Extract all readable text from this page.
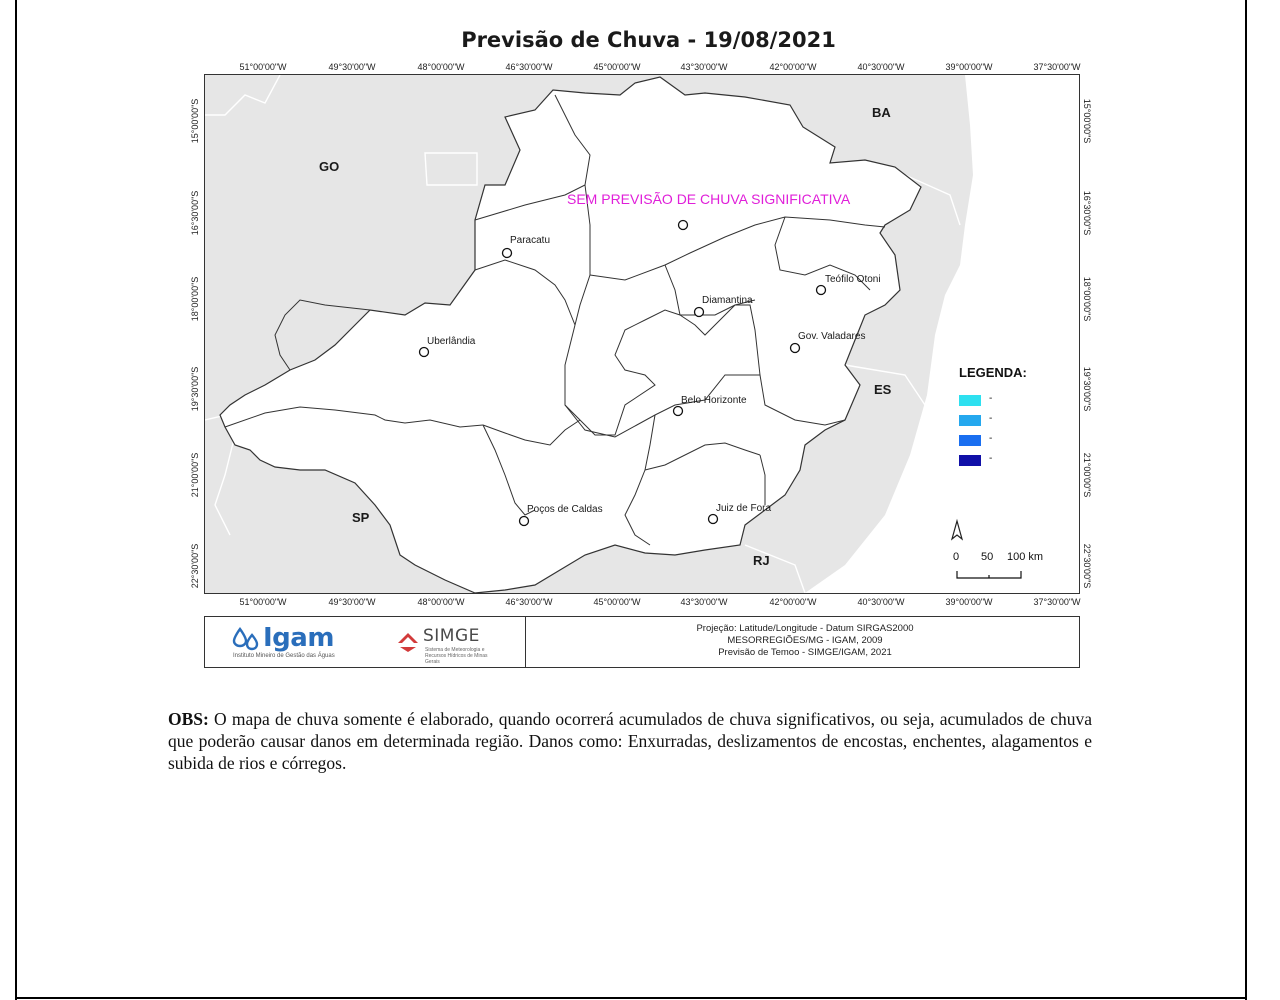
Previsão de Chuva - 19/08/2021
51°00'00"W	49°30'00"W	48°00'00"W	46°30'00"W	45°00'00"W	43°30'00"W	42°00'00"W	40°30'00"W	39°00'00"W	37°30'00"W
51°00'00"W	49°30'00"W	48°00'00"W	46°30'00"W	45°00'00"W	43°30'00"W	42°00'00"W	40°30'00"W	39°00'00"W	37°30'00"W
15°00'00"S
16°30'00"S
18°00'00"S
19°30'00"S
21°00'00"S
22°30'00"S
15°00'00"S
16°30'00"S
18°00'00"S
19°30'00"S
21°00'00"S
22°30'00"S
BA
GO
ES
SP
RJ
Paracatu
Teófilo Otoni
Diamantina
Gov. Valadares
Uberlândia
Belo Horizonte
Poços de Caldas	Juiz de Fora
SEM PREVISÃO DE CHUVA SIGNIFICATIVA
LEGENDA:
-
-
-
-
0 50 100 km
Igam
Instituto Mineiro de Gestão das Águas
SIMGE
Sistema de Meteorologia e Recursos Hídricos de Minas Gerais
Projeção: Latitude/Longitude - Datum SIRGAS2000
MESORREGIÕES/MG - IGAM, 2009
Previsão de Temoo - SIMGE/IGAM, 2021
OBS: O mapa de chuva somente é elaborado, quando ocorrerá acumulados de chuva significativos, ou seja, acumulados de chuva que poderão causar danos em determinada região. Danos como: Enxurradas, deslizamentos de encostas, enchentes, alagamentos e subida de rios e córregos.
